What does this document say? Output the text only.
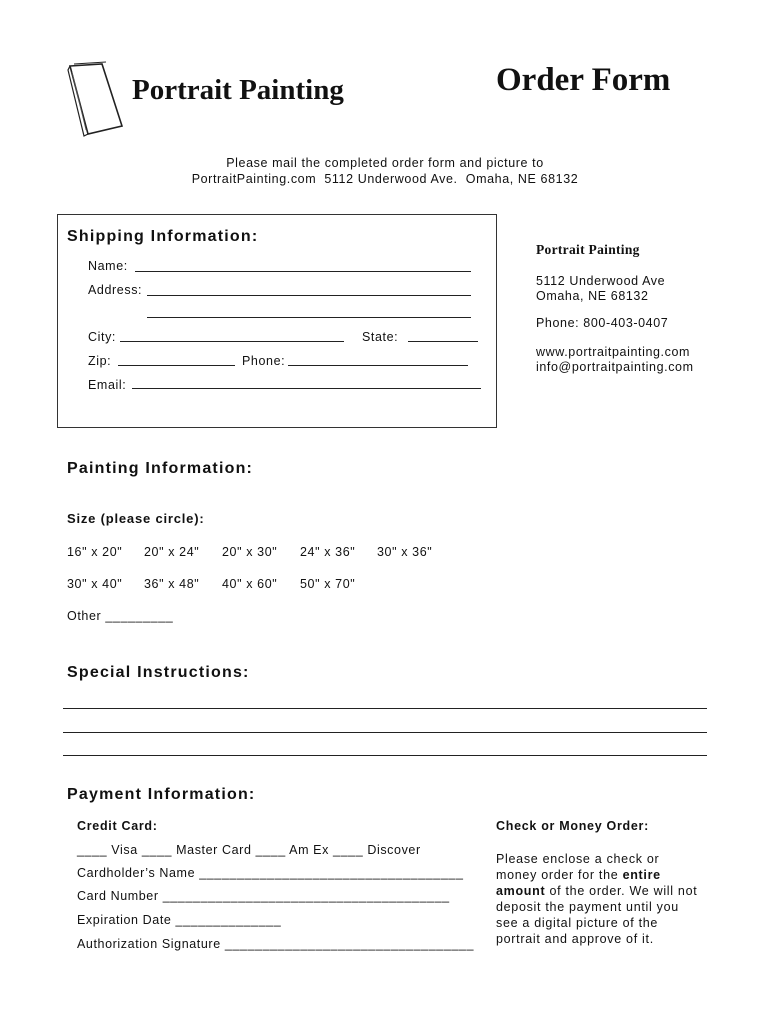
Portrait Painting	Order Form
Please mail the completed order form and picture to
PortraitPainting.com  5112 Underwood Ave.  Omaha, NE 68132
Shipping Information:
Name:
Address:
City:	State:
Zip:	Phone:
Email:
Portrait Painting
5112 Underwood Ave
Omaha, NE 68132
Phone: 800-403-0407
www.portraitpainting.com
info@portraitpainting.com
Painting Information:
Size (please circle):
16" x 20" 20" x 24" 20" x 30" 24" x 36" 30" x 36"
30" x 40" 36" x 48" 40" x 60" 50" x 70"
Other _________
Special Instructions:
Payment Information:
Credit Card:
____ Visa ____ Master Card ____ Am Ex ____ Discover
Cardholder’s Name ___________________________________
Card Number ______________________________________
Expiration Date ______________
Authorization Signature _________________________________
Check or Money Order:
Please enclose a check or money order for the entire amount of the order. We will not deposit the payment until you see a digital picture of the portrait and approve of it.
